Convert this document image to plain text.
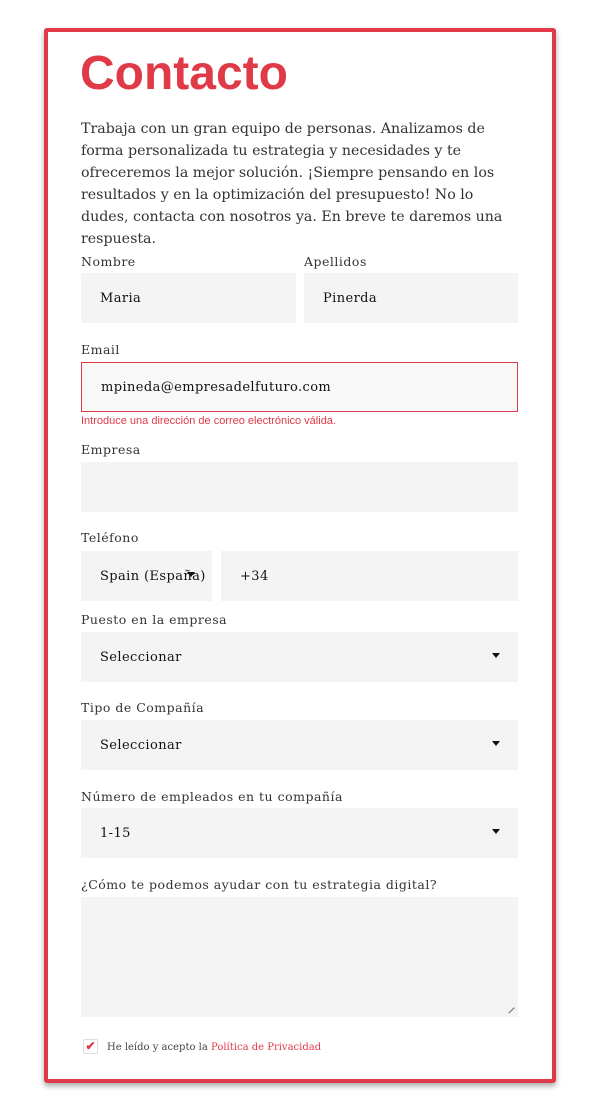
Contacto

Trabaja con un gran equipo de personas. Analizamos de forma personalizada tu estrategia y necesidades y te ofreceremos la mejor solución. ¡Siempre pensando en los resultados y en la optimización del presupuesto! No lo dudes, contacta con nosotros ya. En breve te daremos una respuesta.

Nombre
Maria
Apellidos
Pinerda
Email
mpineda@empresadelfuturo.com
Introduce una dirección de correo electrónico válida.
Empresa
Teléfono
Spain (España)	+34
Puesto en la empresa
Seleccionar
Tipo de Compañía
Seleccionar
Número de empleados en tu compañía
1-15
¿Cómo te podemos ayudar con tu estrategia digital?
✔ He leído y acepto la Política de Privacidad
